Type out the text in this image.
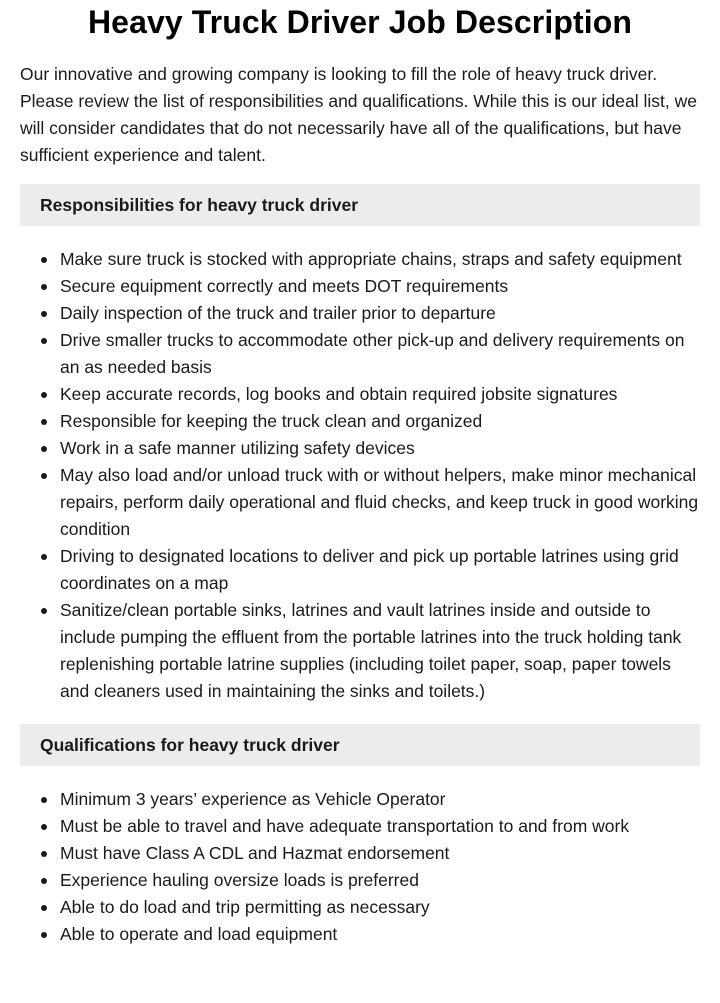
Heavy Truck Driver Job Description

Our innovative and growing company is looking to fill the role of heavy truck driver. Please review the list of responsibilities and qualifications. While this is our ideal list, we will consider candidates that do not necessarily have all of the qualifications, but have sufficient experience and talent.

Responsibilities for heavy truck driver
Make sure truck is stocked with appropriate chains, straps and safety equipment
Secure equipment correctly and meets DOT requirements
Daily inspection of the truck and trailer prior to departure
Drive smaller trucks to accommodate other pick-up and delivery requirements on an as needed basis
Keep accurate records, log books and obtain required jobsite signatures
Responsible for keeping the truck clean and organized
Work in a safe manner utilizing safety devices
May also load and/or unload truck with or without helpers, make minor mechanical repairs, perform daily operational and fluid checks, and keep truck in good working condition
Driving to designated locations to deliver and pick up portable latrines using grid coordinates on a map
Sanitize/clean portable sinks, latrines and vault latrines inside and outside to include pumping the effluent from the portable latrines into the truck holding tank replenishing portable latrine supplies (including toilet paper, soap, paper towels and cleaners used in maintaining the sinks and toilets.)
Qualifications for heavy truck driver
Minimum 3 years’ experience as Vehicle Operator
Must be able to travel and have adequate transportation to and from work
Must have Class A CDL and Hazmat endorsement
Experience hauling oversize loads is preferred
Able to do load and trip permitting as necessary
Able to operate and load equipment
